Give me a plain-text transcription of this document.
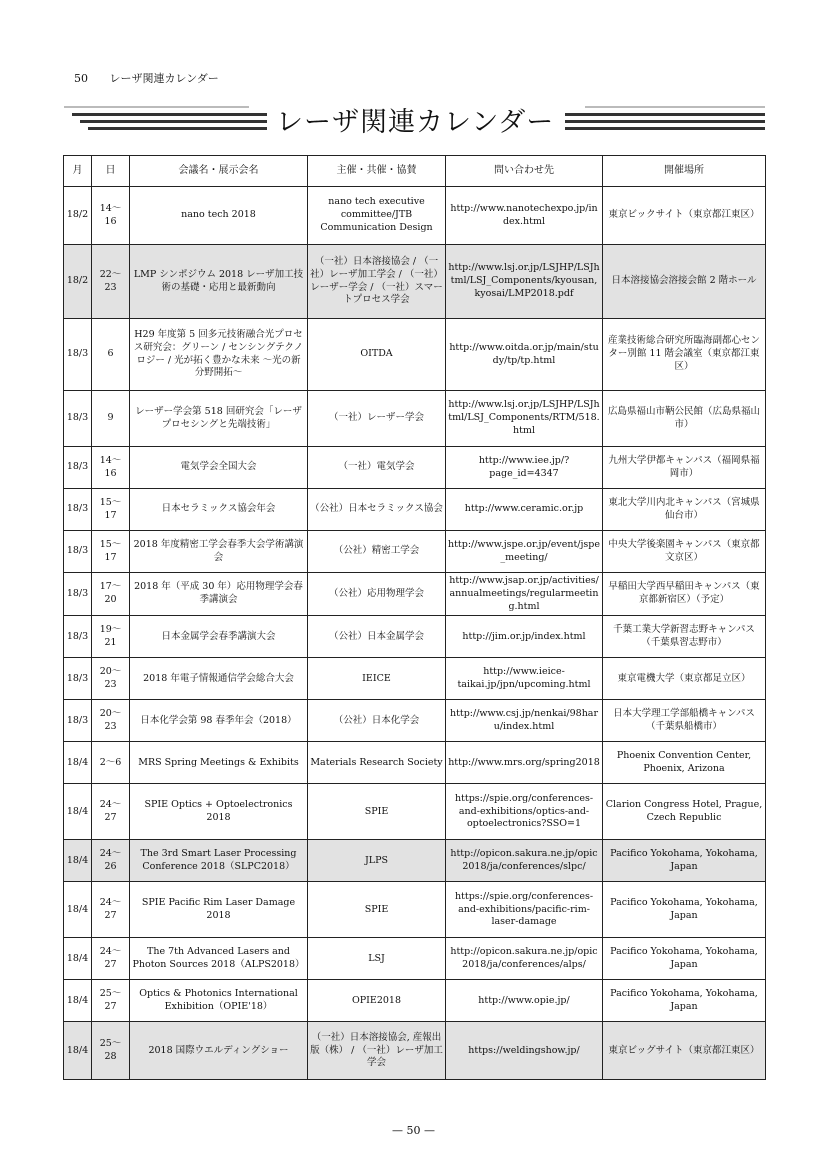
50 レーザ関連カレンダー
レーザ関連カレンダー
月	日	会議名・展示会名	主催・共催・協賛	問い合わせ先	開催場所
18/2	14～16	nano tech 2018	nano tech executive committee/JTB Communication Design	http://www.nanotechexpo.jp/index.html	東京ビックサイト（東京都江東区）
18/2	22～23	LMP シンポジウム 2018 レーザ加工技術の基礎・応用と最新動向	（一社）日本溶接協会 / （一社）レーザ加工学会 / （一社）レーザー学会 / （一社）スマートプロセス学会	http://www.lsj.or.jp/LSJHP/LSJhtml/LSJ_Components/kyousan,kyosai/LMP2018.pdf	日本溶接協会溶接会館 2 階ホール
18/3	6	H29 年度第 5 回多元技術融合光プロセス研究会：グリーン / センシングテクノロジー / 光が拓く豊かな未来 ～光の新分野開拓～	OITDA	http://www.oitda.or.jp/main/study/tp/tp.html	産業技術総合研究所臨海副都心センター別館 11 階会議室（東京都江東区）
18/3	9	レーザー学会第 518 回研究会「レーザプロセシングと先端技術」	（一社）レーザー学会	http://www.lsj.or.jp/LSJHP/LSJhtml/LSJ_Components/RTM/518.html	広島県福山市鞆公民館（広島県福山市）
18/3	14～16	電気学会全国大会	（一社）電気学会	http://www.iee.jp/?page_id=4347	九州大学伊都キャンパス（福岡県福岡市）
18/3	15～17	日本セラミックス協会年会	（公社）日本セラミックス協会	http://www.ceramic.or.jp	東北大学川内北キャンパス（宮城県仙台市）
18/3	15～17	2018 年度精密工学会春季大会学術講演会	（公社）精密工学会	http://www.jspe.or.jp/event/jspe_meeting/	中央大学後楽園キャンパス（東京都文京区）
18/3	17～20	2018 年（平成 30 年）応用物理学会春季講演会	（公社）応用物理学会	http://www.jsap.or.jp/activities/annualmeetings/regularmeeting.html	早稲田大学西早稲田キャンパス（東京都新宿区）（予定）
18/3	19～21	日本金属学会春季講演大会	（公社）日本金属学会	http://jim.or.jp/index.html	千葉工業大学新習志野キャンパス（千葉県習志野市）
18/3	20～23	2018 年電子情報通信学会総合大会	IEICE	http://www.ieice-taikai.jp/jpn/upcoming.html	東京電機大学（東京都足立区）
18/3	20～23	日本化学会第 98 春季年会（2018）	（公社）日本化学会	http://www.csj.jp/nenkai/98haru/index.html	日本大学理工学部船橋キャンパス（千葉県船橋市）
18/4	2～6	MRS Spring Meetings & Exhibits	Materials Research Society	http://www.mrs.org/spring2018	Phoenix Convention Center, Phoenix, Arizona
18/4	24～27	SPIE Optics + Optoelectronics 2018	SPIE	https://spie.org/conferences-and-exhibitions/optics-and-optoelectronics?SSO=1	Clarion Congress Hotel, Prague, Czech Republic
18/4	24～26	The 3rd Smart Laser Processing Conference 2018（SLPC2018）	JLPS	http://opicon.sakura.ne.jp/opic2018/ja/conferences/slpc/	Pacifico Yokohama, Yokohama, Japan
18/4	24～27	SPIE Pacific Rim Laser Damage 2018	SPIE	https://spie.org/conferences-and-exhibitions/pacific-rim-laser-damage	Pacifico Yokohama, Yokohama, Japan
18/4	24～27	The 7th Advanced Lasers and Photon Sources 2018（ALPS2018）	LSJ	http://opicon.sakura.ne.jp/opic2018/ja/conferences/alps/	Pacifico Yokohama, Yokohama, Japan
18/4	25～27	Optics & Photonics International Exhibition（OPIE'18）	OPIE2018	http://www.opie.jp/	Pacifico Yokohama, Yokohama, Japan
18/4	25～28	2018 国際ウエルディングショー	（一社）日本溶接協会, 産報出版（株） / （一社）レーザ加工学会	https://weldingshow.jp/	東京ビッグサイト（東京都江東区）
— 50 —
